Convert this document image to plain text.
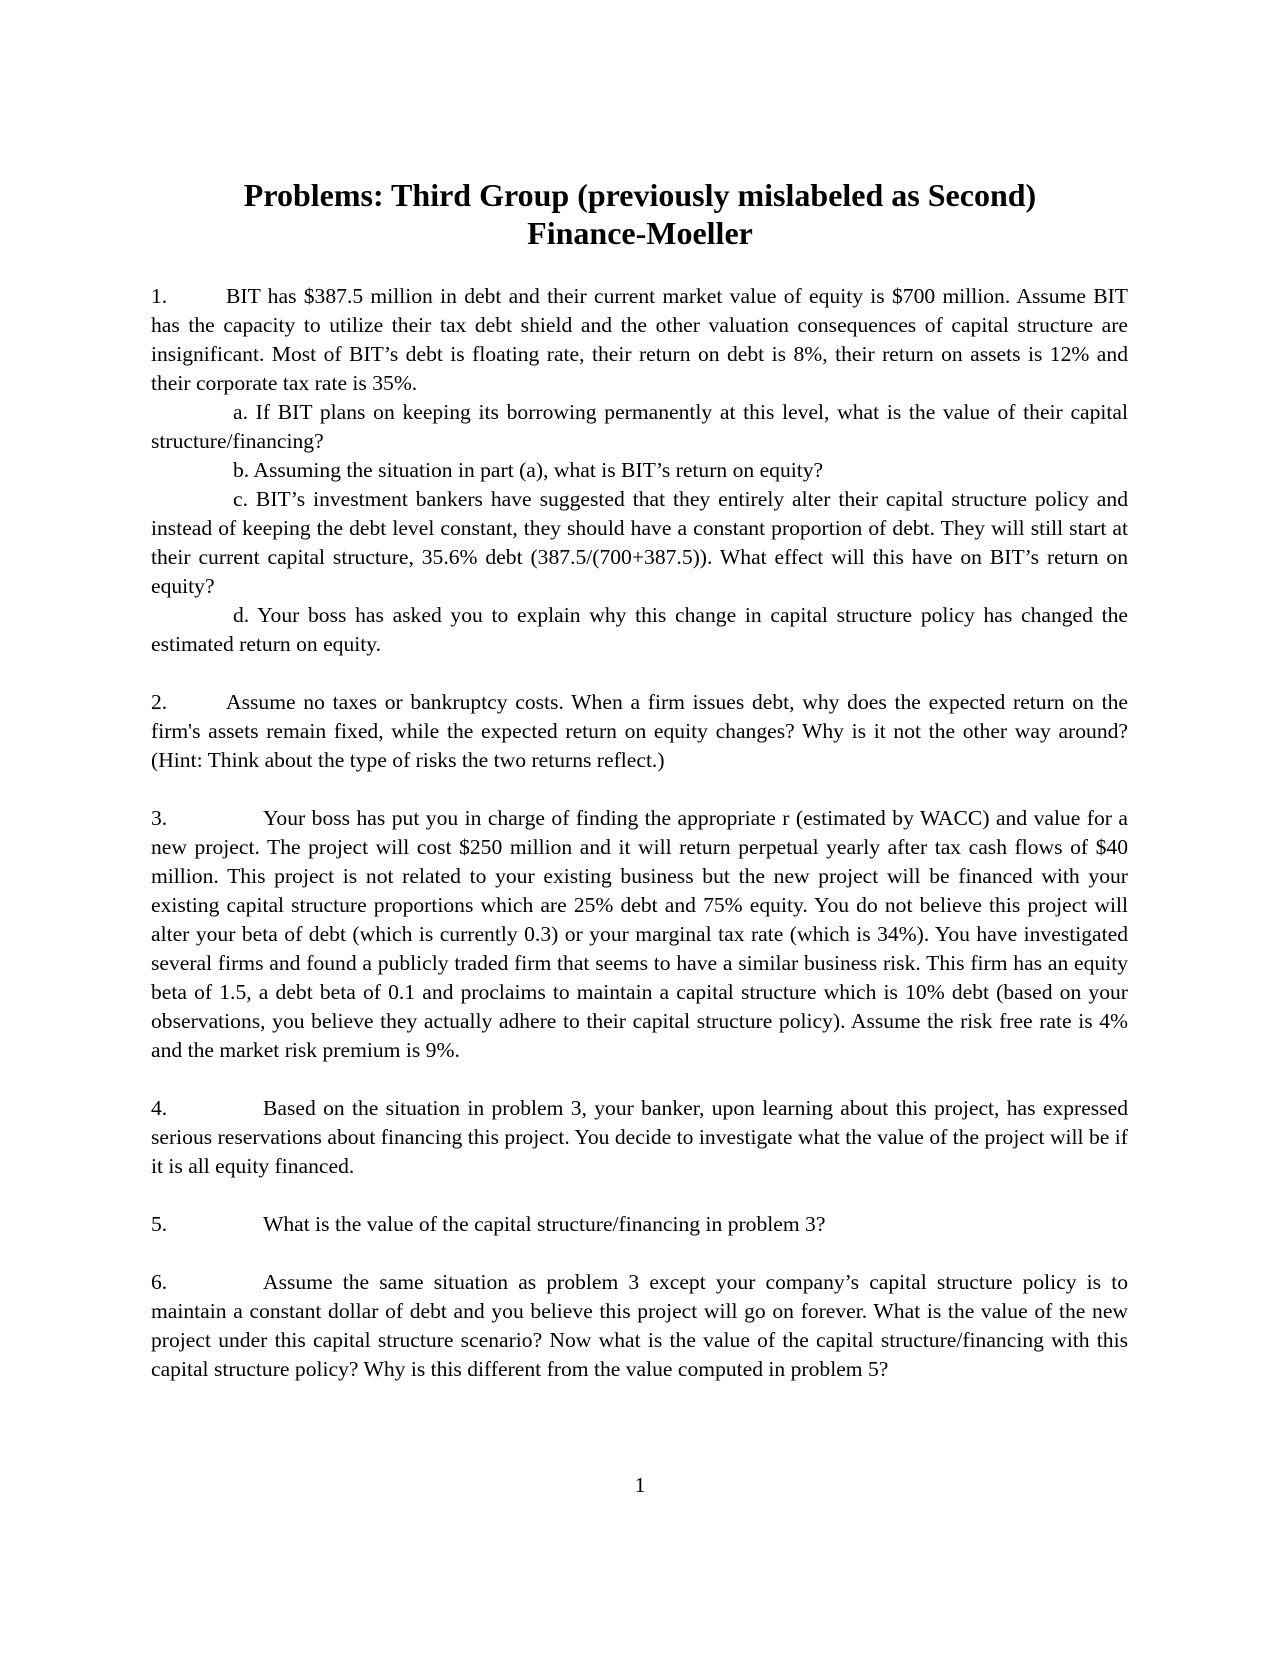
Problems: Third Group (previously mislabeled as Second)
Finance-Moeller

1.	BIT has $387.5 million in debt and their current market value of equity is $700 million. Assume BIT has the capacity to utilize their tax debt shield and the other valuation consequences of capital structure are insignificant. Most of BIT’s debt is floating rate, their return on debt is 8%, their return on assets is 12% and their corporate tax rate is 35%.

a. If BIT plans on keeping its borrowing permanently at this level, what is the value of their capital structure/financing?

b. Assuming the situation in part (a), what is BIT’s return on equity?

c. BIT’s investment bankers have suggested that they entirely alter their capital structure policy and instead of keeping the debt level constant, they should have a constant proportion of debt. They will still start at their current capital structure, 35.6% debt (387.5/(700+387.5)). What effect will this have on BIT’s return on equity?

d. Your boss has asked you to explain why this change in capital structure policy has changed the estimated return on equity.

2.	Assume no taxes or bankruptcy costs. When a firm issues debt, why does the expected return on the firm's assets remain fixed, while the expected return on equity changes? Why is it not the other way around? (Hint: Think about the type of risks the two returns reflect.)

3.	Your boss has put you in charge of finding the appropriate r (estimated by WACC) and value for a new project. The project will cost $250 million and it will return perpetual yearly after tax cash flows of $40 million. This project is not related to your existing business but the new project will be financed with your existing capital structure proportions which are 25% debt and 75% equity. You do not believe this project will alter your beta of debt (which is currently 0.3) or your marginal tax rate (which is 34%). You have investigated several firms and found a publicly traded firm that seems to have a similar business risk. This firm has an equity beta of 1.5, a debt beta of 0.1 and proclaims to maintain a capital structure which is 10% debt (based on your observations, you believe they actually adhere to their capital structure policy). Assume the risk free rate is 4% and the market risk premium is 9%.

4.	Based on the situation in problem 3, your banker, upon learning about this project, has expressed serious reservations about financing this project. You decide to investigate what the value of the project will be if it is all equity financed.

5.	What is the value of the capital structure/financing in problem 3?

6.	Assume the same situation as problem 3 except your company’s capital structure policy is to maintain a constant dollar of debt and you believe this project will go on forever. What is the value of the new project under this capital structure scenario? Now what is the value of the capital structure/financing with this capital structure policy? Why is this different from the value computed in problem 5?

1
